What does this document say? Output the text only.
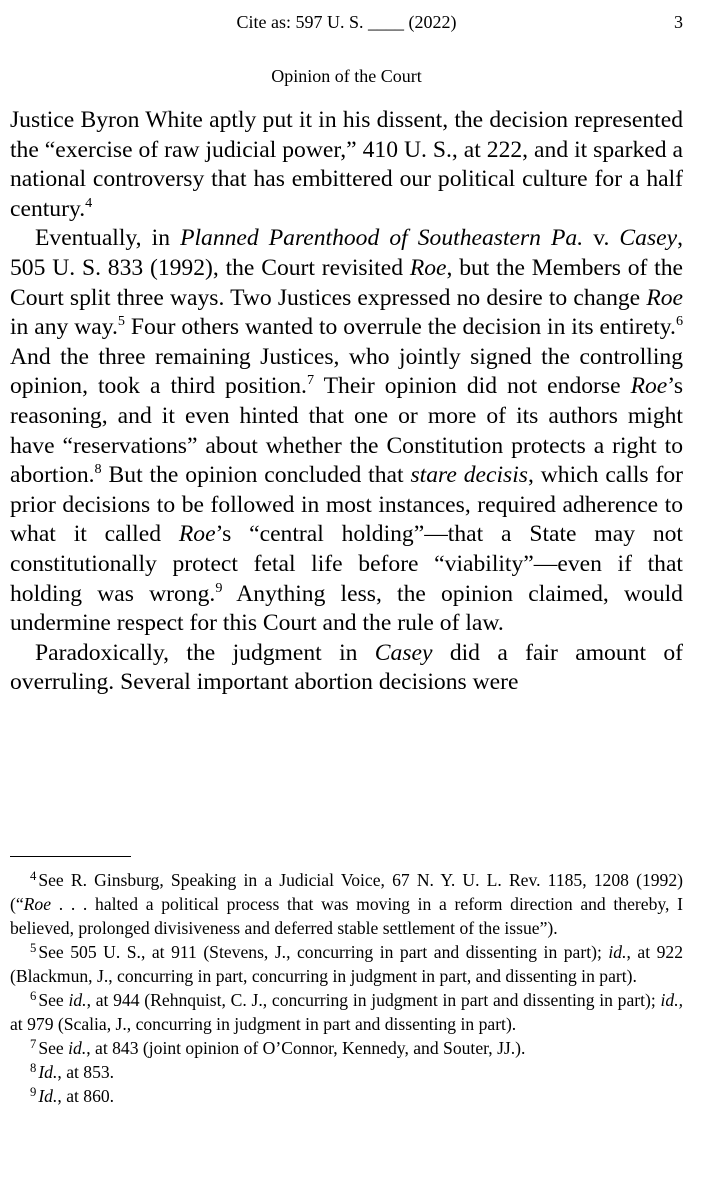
Cite as: 597 U. S. ____ (2022)	3
Opinion of the Court

Justice Byron White aptly put it in his dissent, the decision represented the “exercise of raw judicial power,” 410 U. S., at 222, and it sparked a national controversy that has embittered our political culture for a half century.$^4$

Eventually, in Planned Parenthood of Southeastern Pa. v. Casey, 505 U. S. 833 (1992), the Court revisited Roe, but the Members of the Court split three ways. Two Justices expressed no desire to change Roe in any way.$^5$ Four others wanted to overrule the decision in its entirety.$^6$ And the three remaining Justices, who jointly signed the controlling opinion, took a third position.$^7$ Their opinion did not endorse Roe’s reasoning, and it even hinted that one or more of its authors might have “reservations” about whether the Constitution protects a right to abortion.$^8$ But the opinion concluded that stare decisis, which calls for prior decisions to be followed in most instances, required adherence to what it called Roe’s “central holding”—that a State may not constitutionally protect fetal life before “viability”—even if that holding was wrong.$^9$ Anything less, the opinion claimed, would undermine respect for this Court and the rule of law.

Paradoxically, the judgment in Casey did a fair amount of overruling. Several important abortion decisions were

$^4$ See R. Ginsburg, Speaking in a Judicial Voice, 67 N. Y. U. L. Rev. 1185, 1208 (1992) (“Roe . . . halted a political process that was moving in a reform direction and thereby, I believed, prolonged divisiveness and deferred stable settlement of the issue”).

$^5$ See 505 U. S., at 911 (Stevens, J., concurring in part and dissenting in part); id., at 922 (Blackmun, J., concurring in part, concurring in judgment in part, and dissenting in part).

$^6$ See id., at 944 (Rehnquist, C. J., concurring in judgment in part and dissenting in part); id., at 979 (Scalia, J., concurring in judgment in part and dissenting in part).

$^7$ See id., at 843 (joint opinion of O’Connor, Kennedy, and Souter, JJ.).

$^8$ Id., at 853.

$^9$ Id., at 860.
